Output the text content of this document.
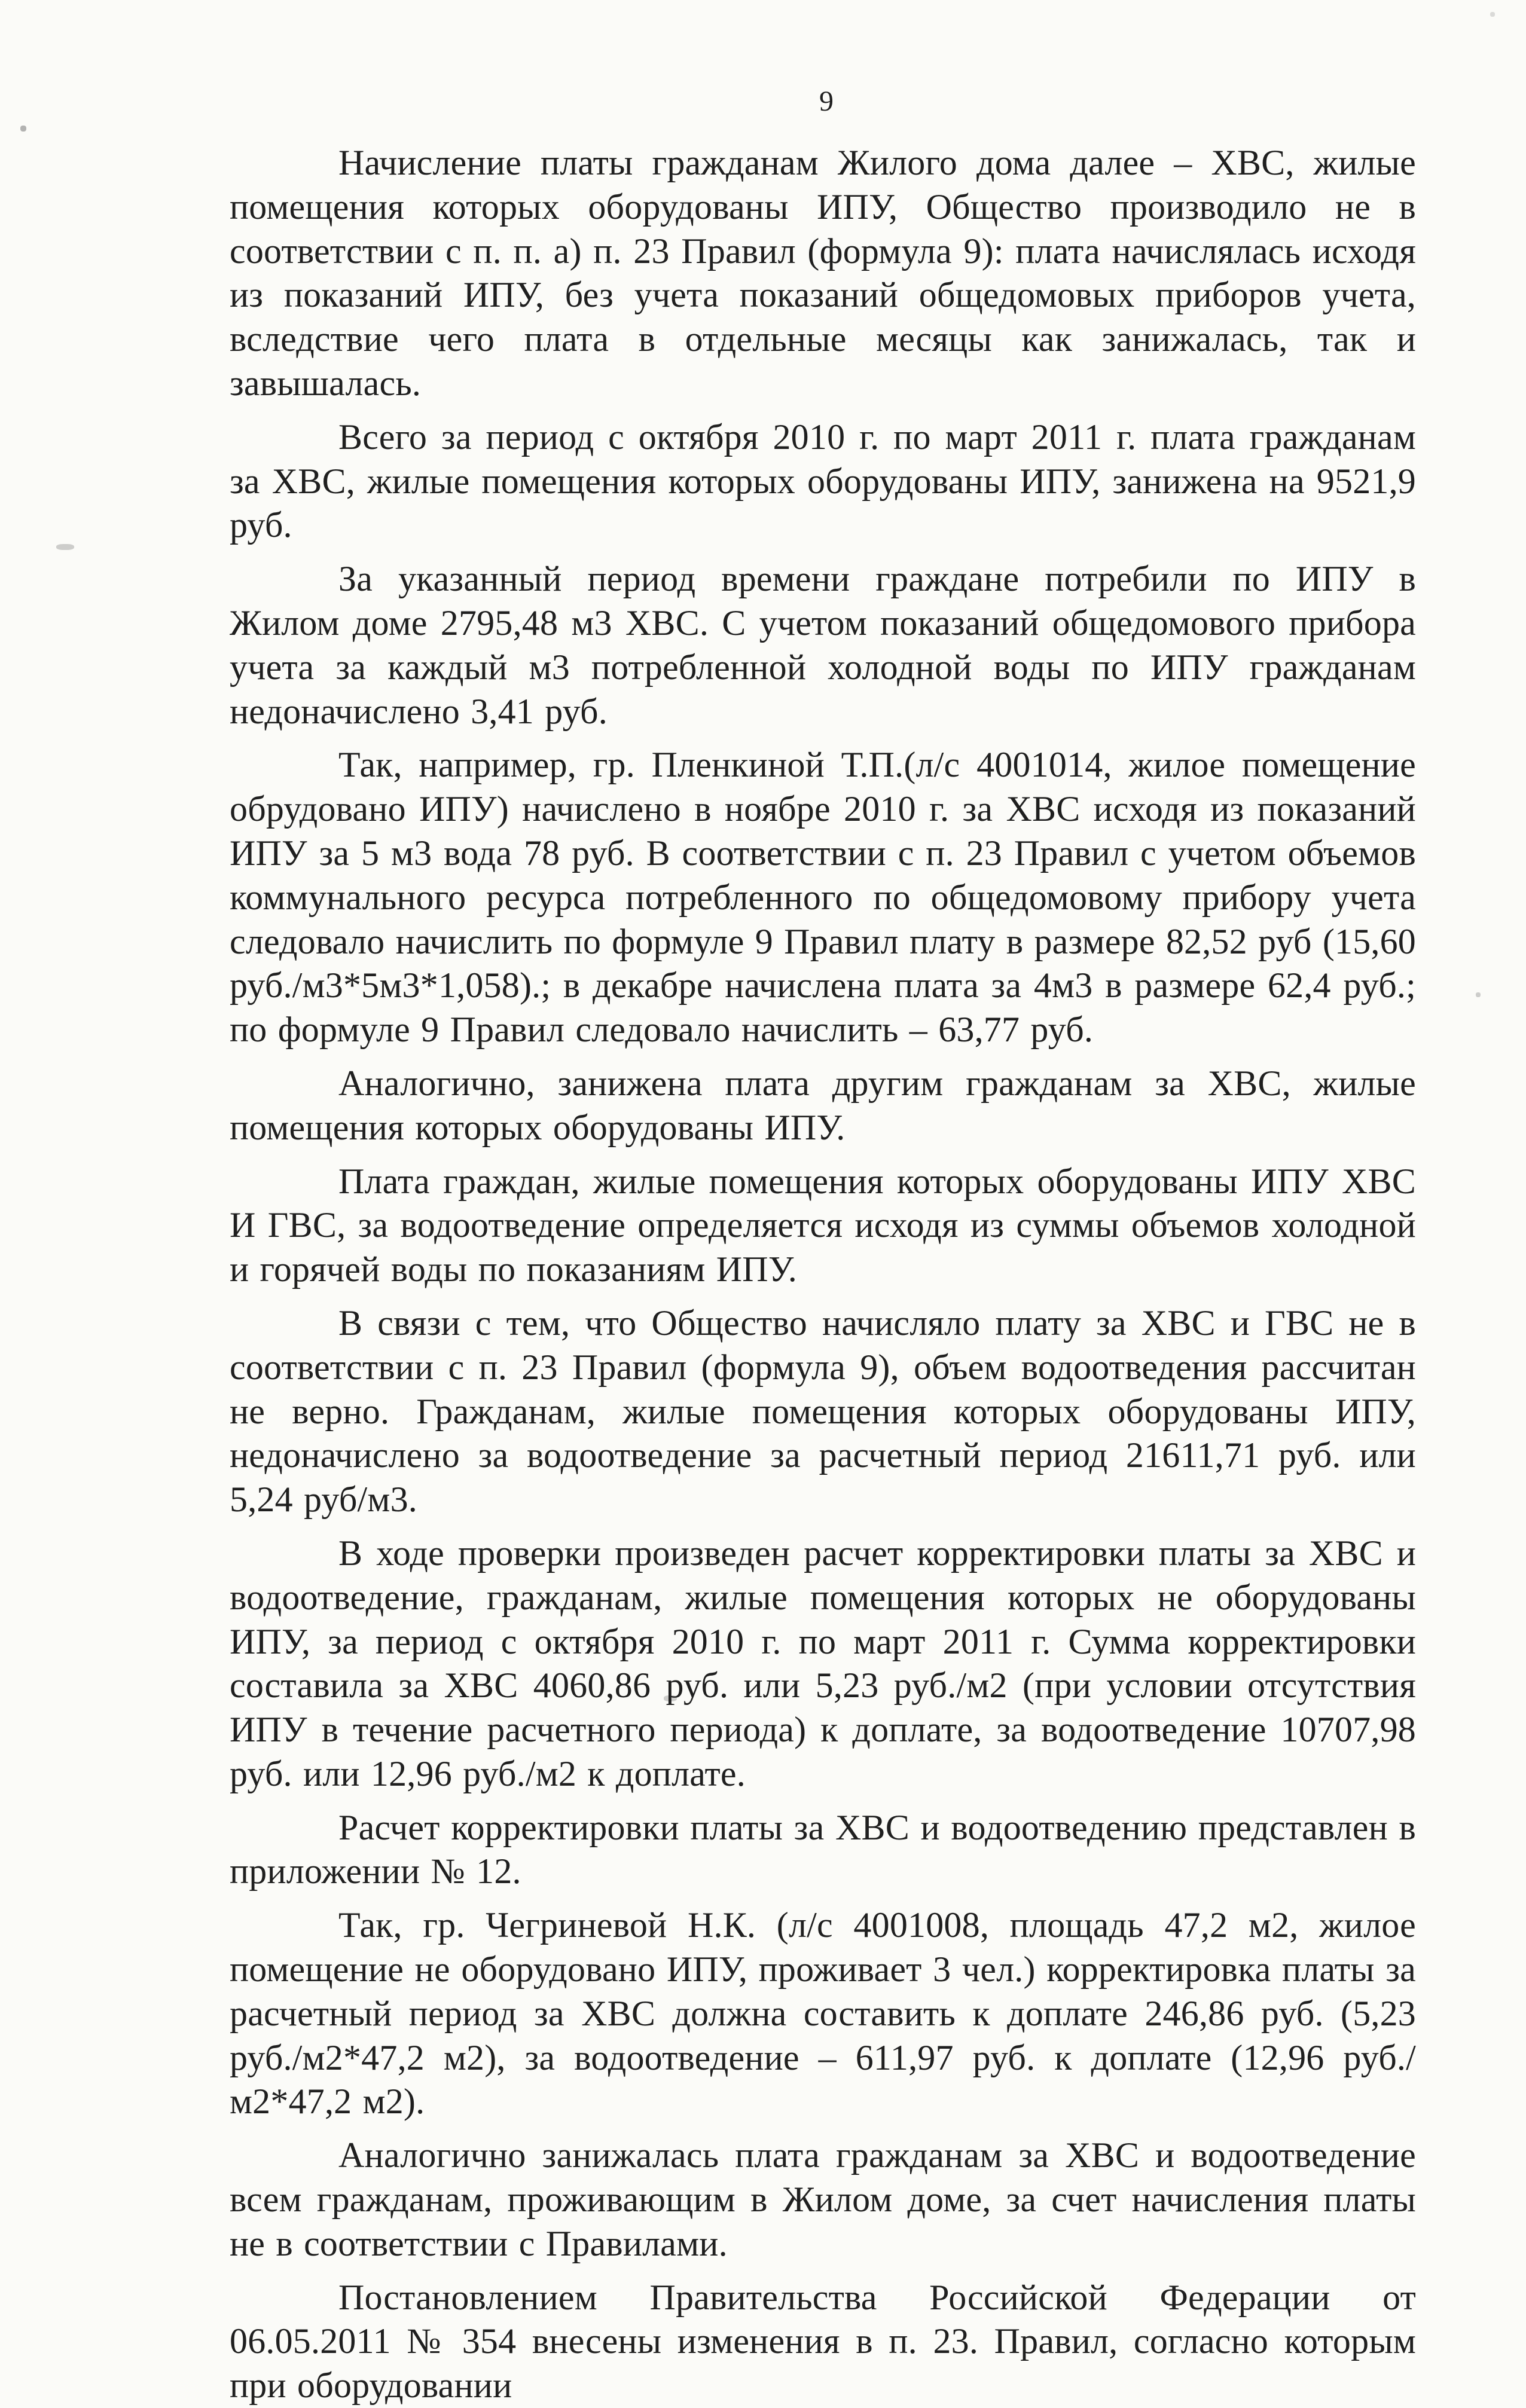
9

Начисление платы гражданам Жилого дома далее – ХВС, жилые помещения которых оборудованы ИПУ, Общество производило не в соответствии с п. п. а) п. 23 Правил (формула 9): плата начислялась исходя из показаний ИПУ, без учета показаний общедомовых приборов учета, вследствие чего плата в отдельные месяцы как занижалась, так и завышалась.

Всего за период с октября 2010 г. по март 2011 г. плата гражданам за ХВС, жилые помещения которых оборудованы ИПУ, занижена на 9521,9 руб.

За указанный период времени граждане потребили по ИПУ в Жилом доме 2795,48 м3 ХВС. С учетом показаний общедомового прибора учета за каждый м3 потребленной холодной воды по ИПУ гражданам недоначислено 3,41 руб.

Так, например, гр. Пленкиной Т.П.(л/с 4001014, жилое помещение обрудовано ИПУ) начислено в ноябре 2010 г. за ХВС исходя из показаний ИПУ за 5 м3 вода 78 руб. В соответствии с п. 23 Правил с учетом объемов коммунального ресурса потребленного по общедомовому прибору учета следовало начислить по формуле 9 Правил плату в размере 82,52 руб (15,60 руб./м3*5м3*1,058).; в декабре начислена плата за 4м3 в размере 62,4 руб.; по формуле 9 Правил следовало начислить – 63,77 руб.

Аналогично, занижена плата другим гражданам за ХВС, жилые помещения которых оборудованы ИПУ.

Плата граждан, жилые помещения которых оборудованы ИПУ ХВС И ГВС, за водоотведение определяется исходя из суммы объемов холодной и горячей воды по показаниям ИПУ.

В связи с тем, что Общество начисляло плату за ХВС и ГВС не в соответствии с п. 23 Правил (формула 9), объем водоотведения рассчитан не верно. Гражданам, жилые помещения которых оборудованы ИПУ, недоначислено за водоотведение за расчетный период 21611,71 руб. или 5,24 руб/м3.

В ходе проверки произведен расчет корректировки платы за ХВС и водоотведение, гражданам, жилые помещения которых не оборудованы ИПУ, за период с октября 2010 г. по март 2011 г. Сумма корректировки составила за ХВС 4060,86 руб. или 5,23 руб./м2 (при условии отсутствия ИПУ в течение расчетного периода) к доплате, за водоотведение 10707,98 руб. или 12,96 руб./м2 к доплате.

Расчет корректировки платы за ХВС и водоотведению представлен в приложении № 12.

Так, гр. Чегриневой Н.К. (л/с 4001008, площадь 47,2 м2, жилое помещение не оборудовано ИПУ, проживает 3 чел.) корректировка платы за расчетный период за ХВС должна составить к доплате 246,86 руб. (5,23 руб./м2*47,2 м2), за водоотведение – 611,97 руб. к доплате (12,96 руб./м2*47,2 м2).

Аналогично занижалась плата гражданам за ХВС и водоотведение всем гражданам, проживающим в Жилом доме, за счет начисления платы не в соответствии с Правилами.

Постановлением Правительства Российской Федерации от 06.05.2011 № 354 внесены изменения в п. 23. Правил, согласно которым при оборудовании
